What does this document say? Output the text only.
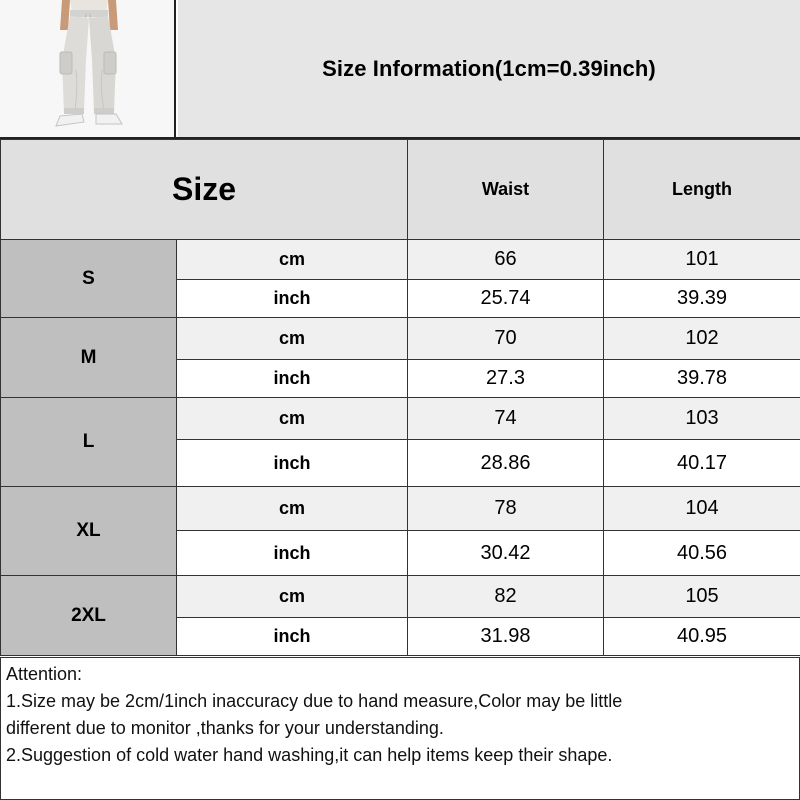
Size Information(1cm=0.39inch)
Size		Waist	Length
S	cm	66	101
	inch	25.74	39.39
M	cm	70	102
	inch	27.3	39.78
L	cm	74	103
	inch	28.86	40.17
XL	cm	78	104
	inch	30.42	40.56
2XL	cm	82	105
	inch	31.98	40.95
Attention:
1.Size may be 2cm/1inch inaccuracy due to hand measure,Color may be little
different due to monitor ,thanks for your understanding.
2.Suggestion of cold water hand washing,it can help items keep their shape.
